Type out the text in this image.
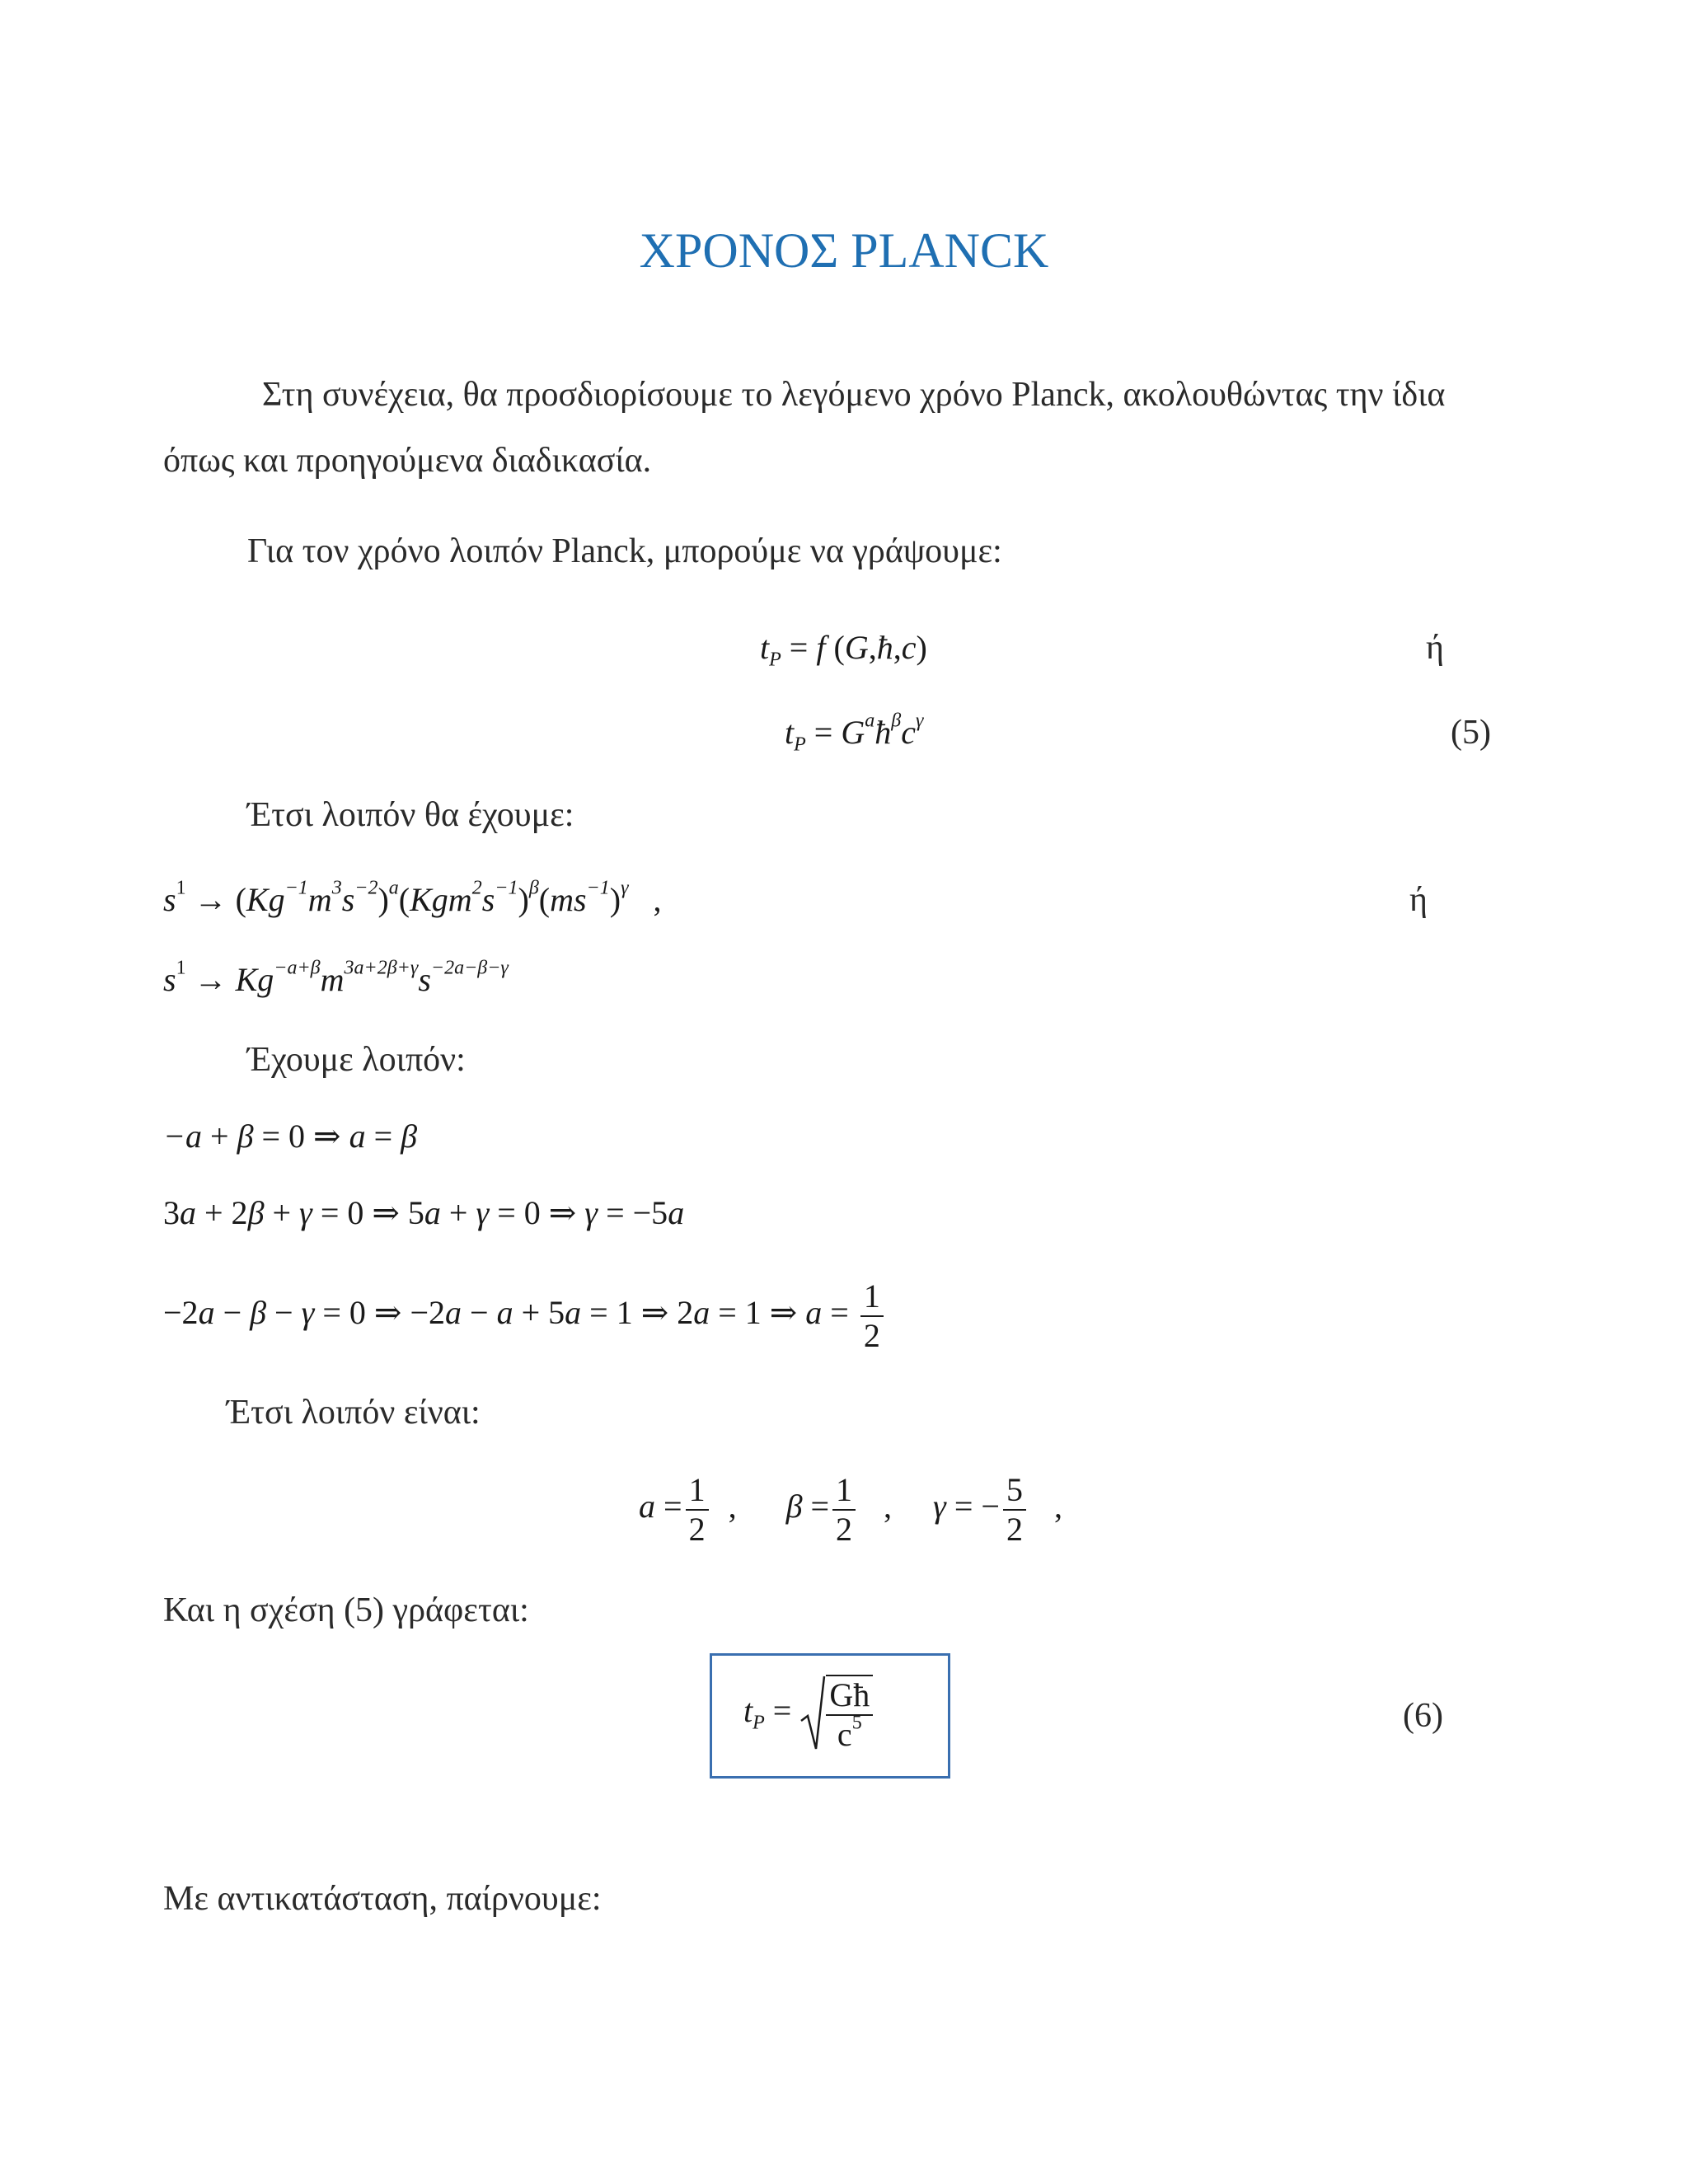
ΧΡΟΝΟΣ PLANCK
Στη συνέχεια, θα προσδιορίσουμε το λεγόμενο χρόνο Planck, ακολουθώντας την ίδια
όπως και προηγούμενα διαδικασία.
Για τον χρόνο λοιπόν Planck, μπορούμε να γράψουμε:
$t_P = f$ (G,ħ,c)	ή
$t_P$ = $G^aħ^\beta c^\gamma$	(5)
Έτσι λοιπόν θα έχουμε:
$s^1 \to (Kg^{-1}m^3s^{-2})^a(Kgm^2s^{-1})^\beta(ms^{-1})^\gamma$ ,	ή
$s^1 \to Kg^{-a+\beta}m^{3a+2\beta+\gamma}s^{-2a-\beta-\gamma}$
Έχουμε λοιπόν:
−a + β = 0 ⇒ a = β
3a + 2β + γ = 0 ⇒ 5a + γ = 0 ⇒ γ = −5a
−2a − β − γ = 0 ⇒ −2a − a + 5a = 1 ⇒ 2a = 1 ⇒ $a = \frac{1}{2}$
Έτσι λοιπόν είναι:
$a = \frac{1}{2}$ ,      $\beta = \frac{1}{2}$ ,     γ = − $\frac{5}{2}$ ,
Και η σχέση (5) γράφεται:
$t_P = \frac{Għ}{c^5}$	(6)
Με αντικατάσταση, παίρνουμε:
